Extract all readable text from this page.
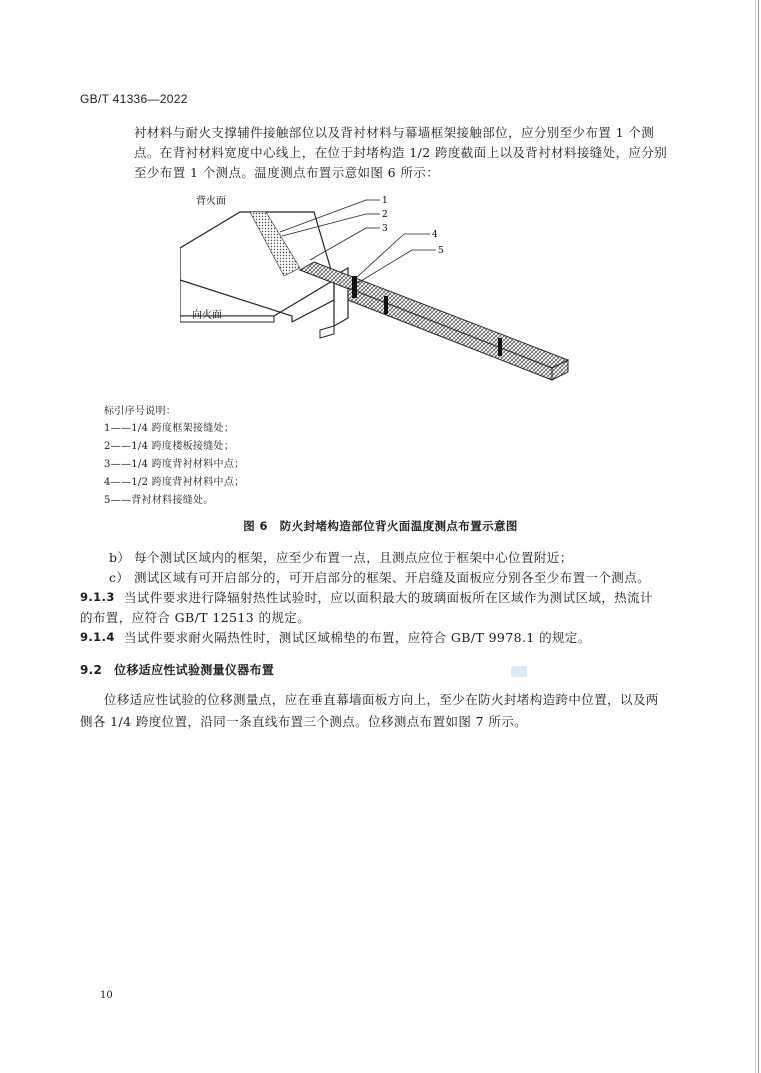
GB/T 41336—2022
衬材料与耐火支撑辅件接触部位以及背衬材料与幕墙框架接触部位，应分别至少布置 1 个测
点。在背衬材料宽度中心线上，在位于封堵构造 1/2 跨度截面上以及背衬材料接缝处，应分别
至少布置 1 个测点。温度测点布置示意如图 6 所示：
背火面
向火面
1
2
3
4
5
标引序号说明：
1——1/4 跨度框架接缝处；
2——1/4 跨度楼板接缝处；
3——1/4 跨度背衬材料中点；
4——1/2 跨度背衬材料中点；
5——背衬材料接缝处。
图 6　防火封堵构造部位背火面温度测点布置示意图
b） 每个测试区域内的框架，应至少布置一点，且测点应位于框架中心位置附近；
c） 测试区域有可开启部分的，可开启部分的框架、开启缝及面板应分别各至少布置一个测点。
9.1.3 当试件要求进行降辐射热性试验时，应以面积最大的玻璃面板所在区域作为测试区域，热流计
的布置，应符合 GB/T 12513 的规定。
9.1.4 当试件要求耐火隔热性时，测试区域棉垫的布置，应符合 GB/T 9978.1 的规定。
9.2 位移适应性试验测量仪器布置
位移适应性试验的位移测量点，应在垂直幕墙面板方向上，至少在防火封堵构造跨中位置，以及两
侧各 1/4 跨度位置，沿同一条直线布置三个测点。位移测点布置如图 7 所示。
10
